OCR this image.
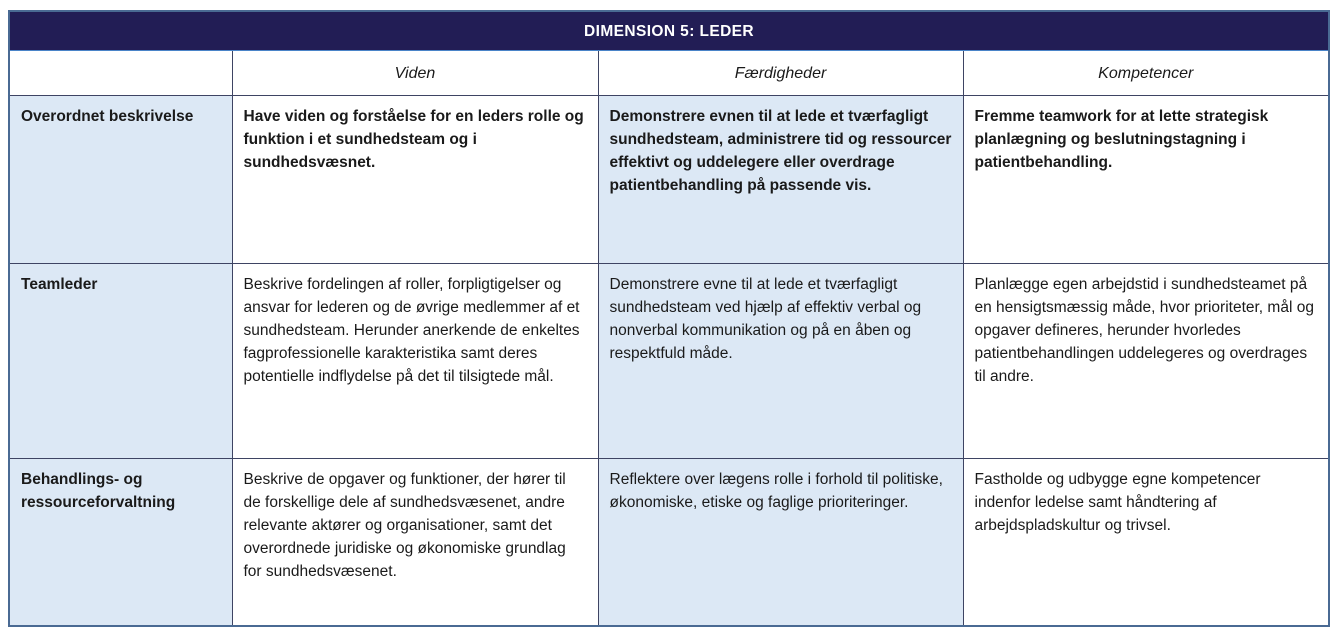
DIMENSION 5: LEDER			
	Viden	Færdigheder	Kompetencer
Overordnet beskrivelse	Have viden og forståelse for en leders rolle og funktion i et sundhedsteam og i sundhedsvæsnet.	Demonstrere evnen til at lede et tværfagligt sundhedsteam, administrere tid og ressourcer effektivt og uddelegere eller overdrage patientbehandling på passende vis.	Fremme teamwork for at lette strategisk planlægning og beslutningstagning i patientbehandling.
Teamleder	Beskrive fordelingen af roller, forpligtigelser og ansvar for lederen og de øvrige medlemmer af et sundhedsteam. Herunder anerkende de enkeltes fagprofessionelle karakteristika samt deres potentielle indflydelse på det til tilsigtede mål.	Demonstrere evne til at lede et tværfagligt sundhedsteam ved hjælp af effektiv verbal og nonverbal kommunikation og på en åben og respektfuld måde.	Planlægge egen arbejdstid i sundhedsteamet på en hensigtsmæssig måde, hvor prioriteter, mål og opgaver defineres, herunder hvorledes patientbehandlingen uddelegeres og overdrages til andre.
Behandlings- og ressourceforvaltning	Beskrive de opgaver og funktioner, der hører til de forskellige dele af sundhedsvæsenet, andre relevante aktører og organisationer, samt det overordnede juridiske og økonomiske grundlag for sundhedsvæsenet.	Reflektere over lægens rolle i forhold til politiske, økonomiske, etiske og faglige prioriteringer.	Fastholde og udbygge egne kompetencer indenfor ledelse samt håndtering af arbejdspladskultur og trivsel.
